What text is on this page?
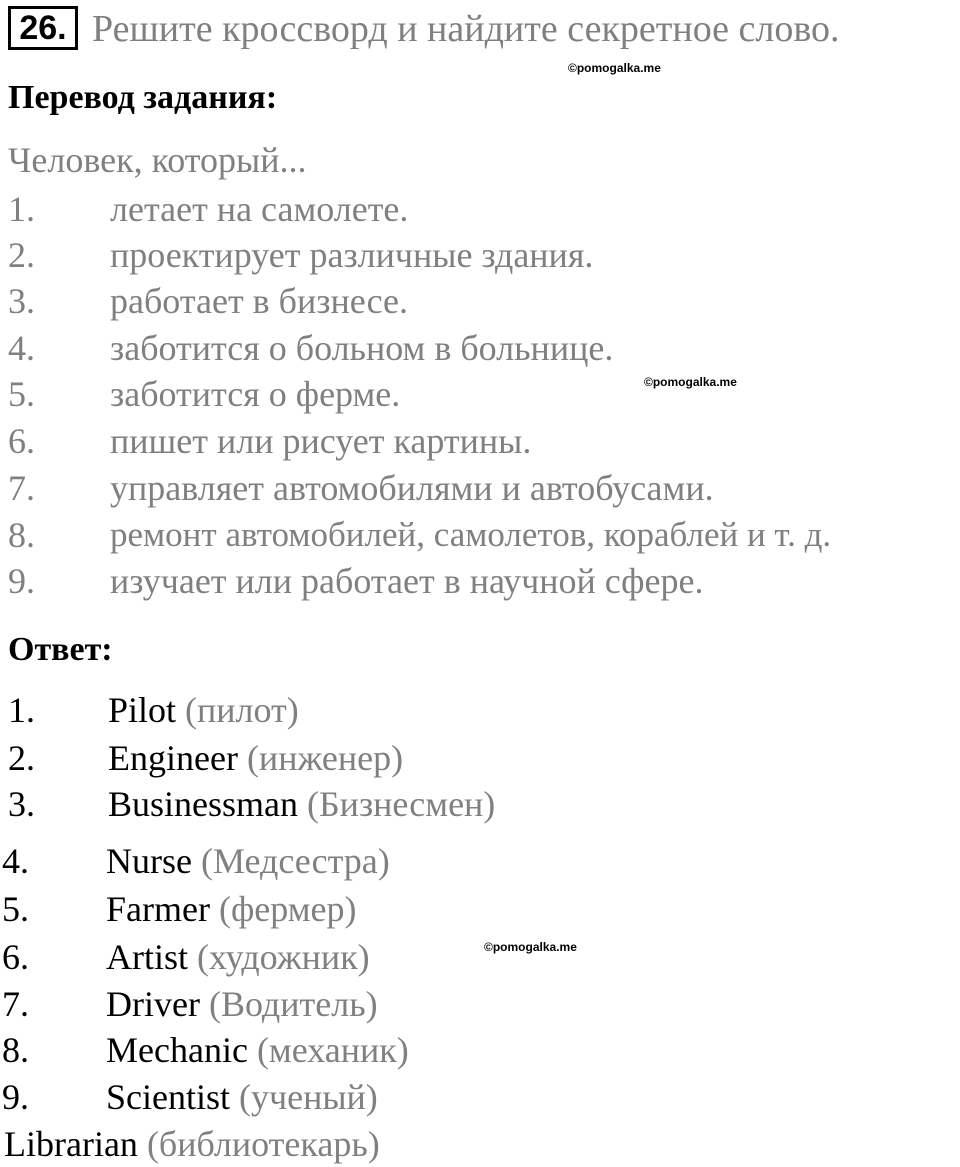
26. Решите кроссворд и найдите секретное слово.
©pomogalka.me
Перевод задания:
Человек, который...
1. летает на самолете.
2. проектирует различные здания.
3. работает в бизнесе.
4. заботится о больном в больнице.
©pomogalka.me
5. заботится о ферме.
6. пишет или рисует картины.
7. управляет автомобилями и автобусами.
8. ремонт автомобилей, самолетов, кораблей и т. д.
9. изучает или работает в научной сфере.
Ответ:
1. Pilot (пилот)
2. Engineer (инженер)
3. Businessman (Бизнесмен)
4. Nurse (Медсестра)
5. Farmer (фермер)
©pomogalka.me
6. Artist (художник)
7. Driver (Водитель)
8. Mechanic (механик)
9. Scientist (ученый)
Librarian (библиотекарь)
